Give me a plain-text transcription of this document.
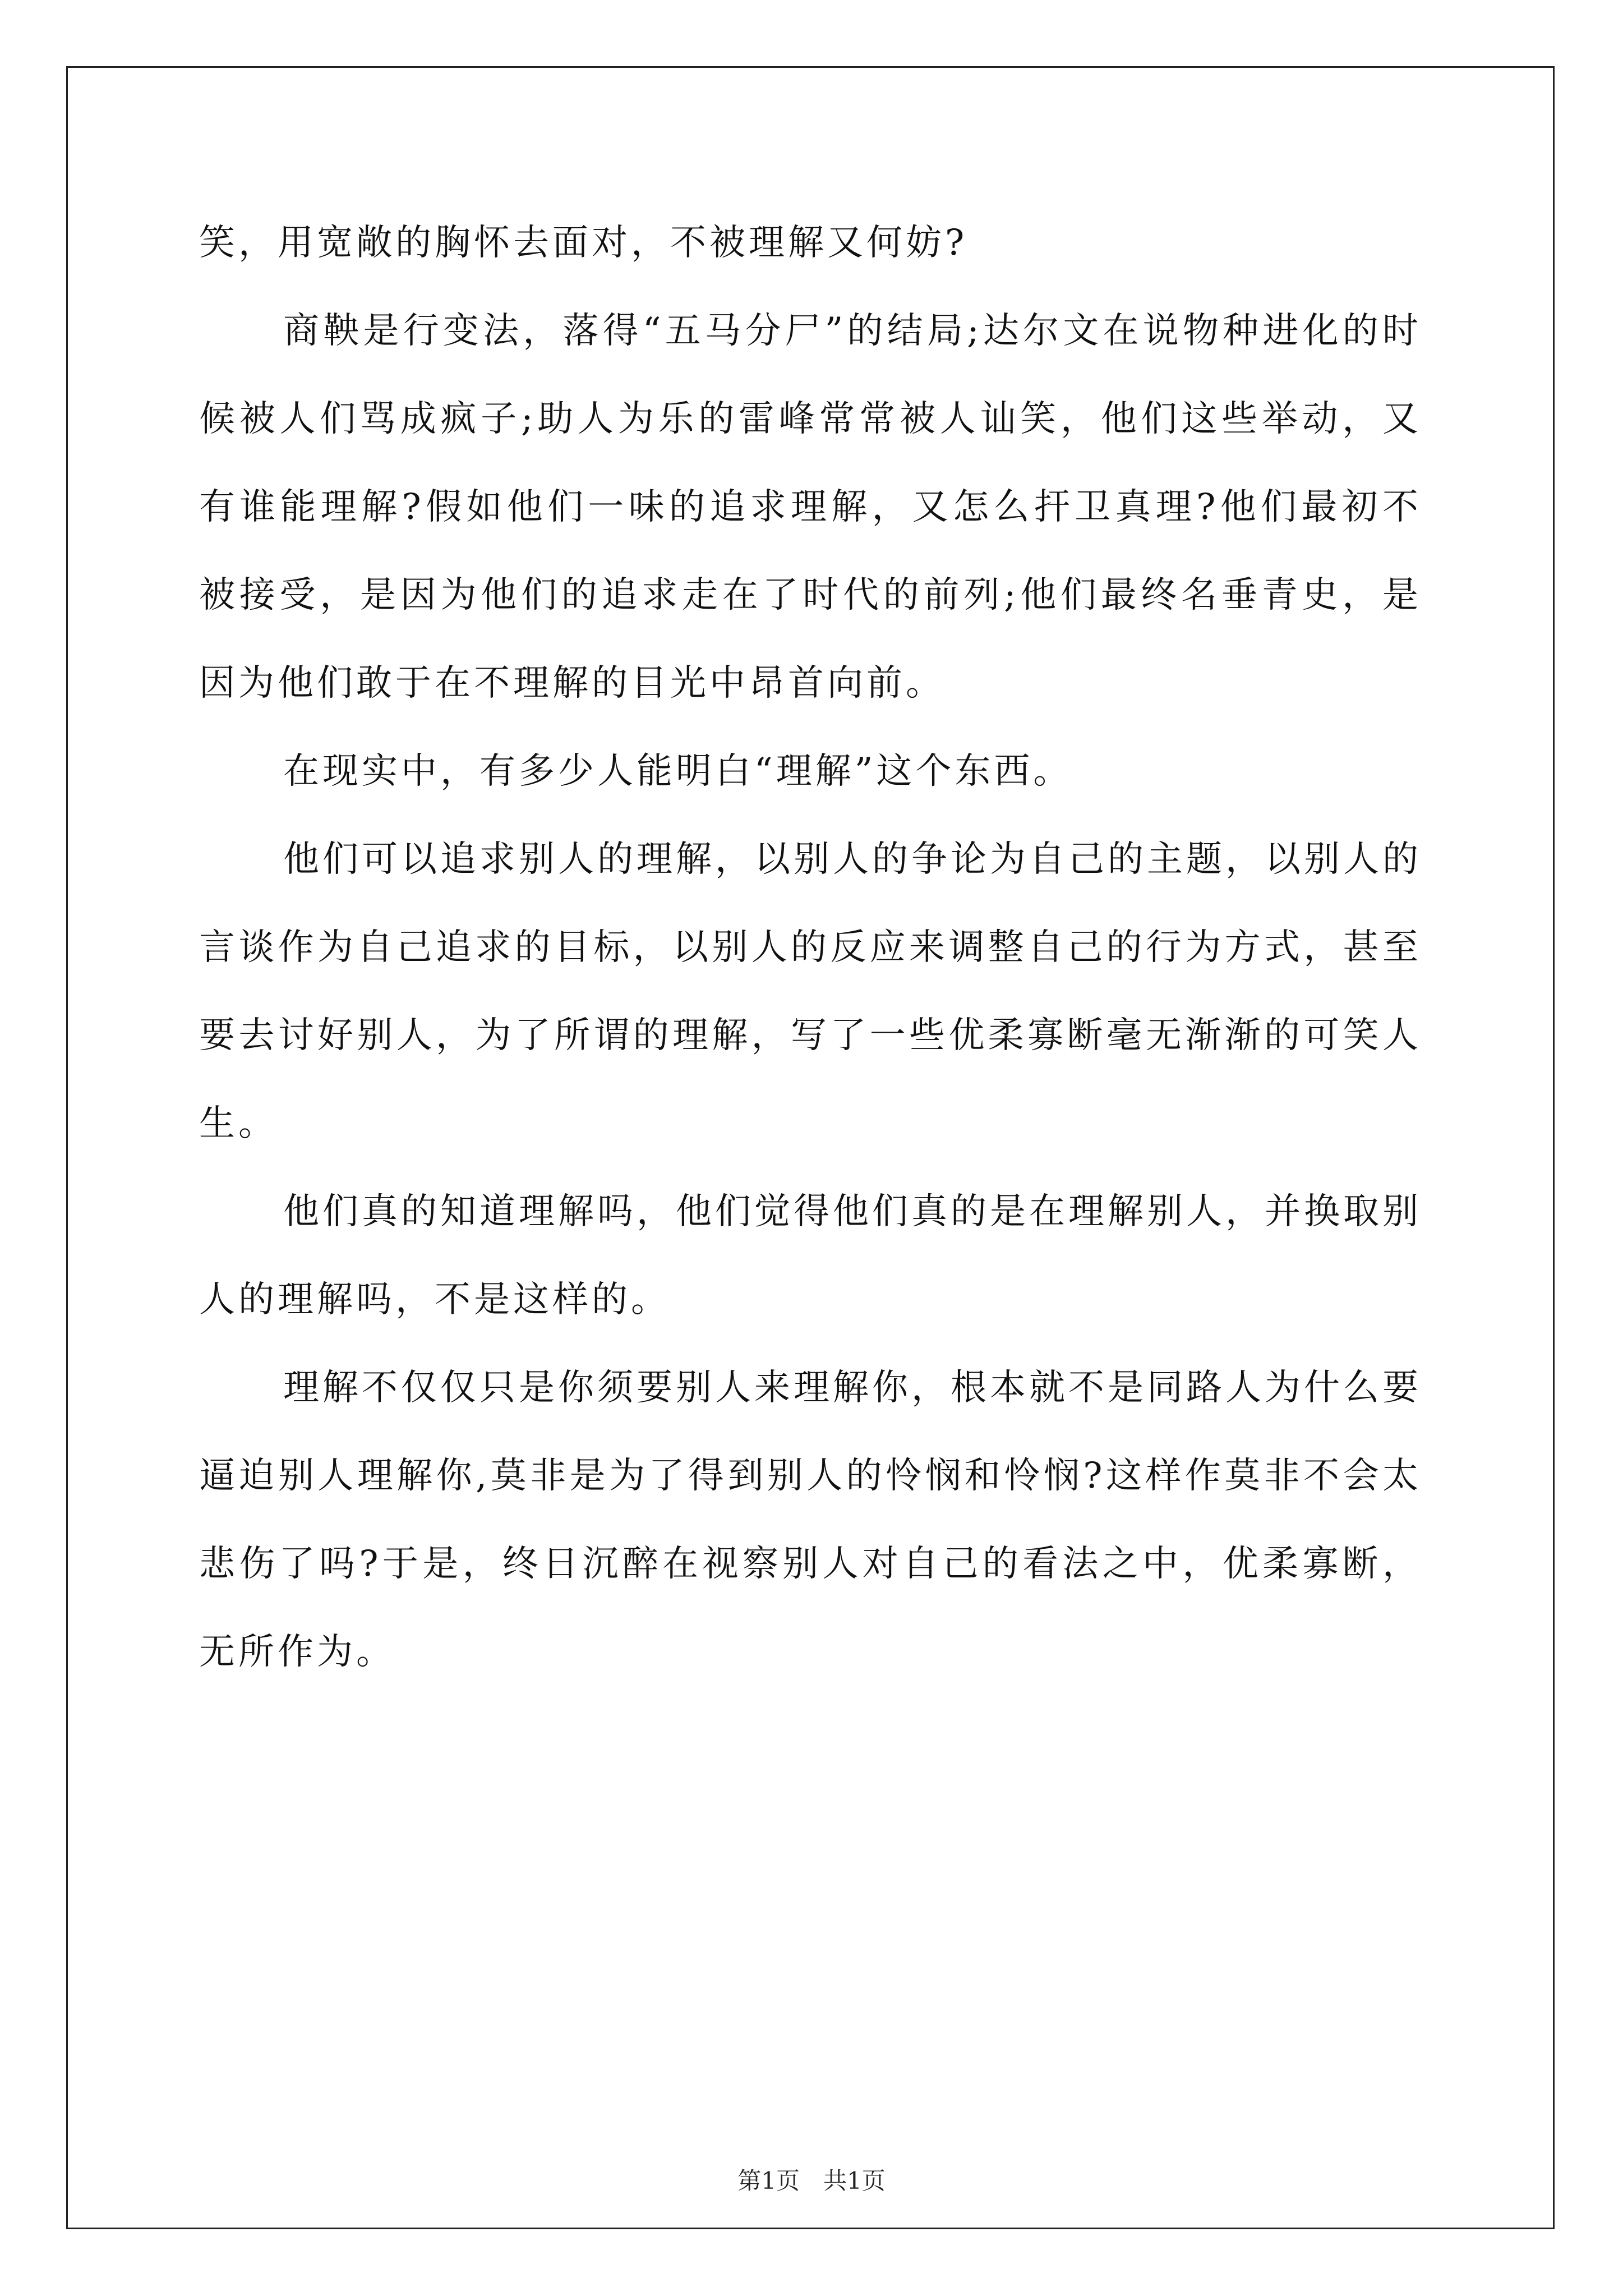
笑，用宽敞的胸怀去面对，不被理解又何妨?

商鞅是行变法，落得“五马分尸”的结局;达尔文在说物种进化的时候被人们骂成疯子;助人为乐的雷峰常常被人讪笑，他们这些举动，又有谁能理解?假如他们一味的追求理解，又怎么扞卫真理?他们最初不被接受，是因为他们的追求走在了时代的前列;他们最终名垂青史，是因为他们敢于在不理解的目光中昂首向前。

在现实中，有多少人能明白“理解”这个东西。

他们可以追求别人的理解，以别人的争论为自己的主题，以别人的言谈作为自己追求的目标，以别人的反应来调整自己的行为方式，甚至要去讨好别人，为了所谓的理解，写了一些优柔寡断毫无渐渐的可笑人生。

他们真的知道理解吗，他们觉得他们真的是在理解别人，并换取别人的理解吗，不是这样的。

理解不仅仅只是你须要别人来理解你，根本就不是同路人为什么要逼迫别人理解你,莫非是为了得到别人的怜悯和怜悯?这样作莫非不会太悲伤了吗?于是，终日沉醉在视察别人对自己的看法之中，优柔寡断，无所作为。

第1页　共1页
